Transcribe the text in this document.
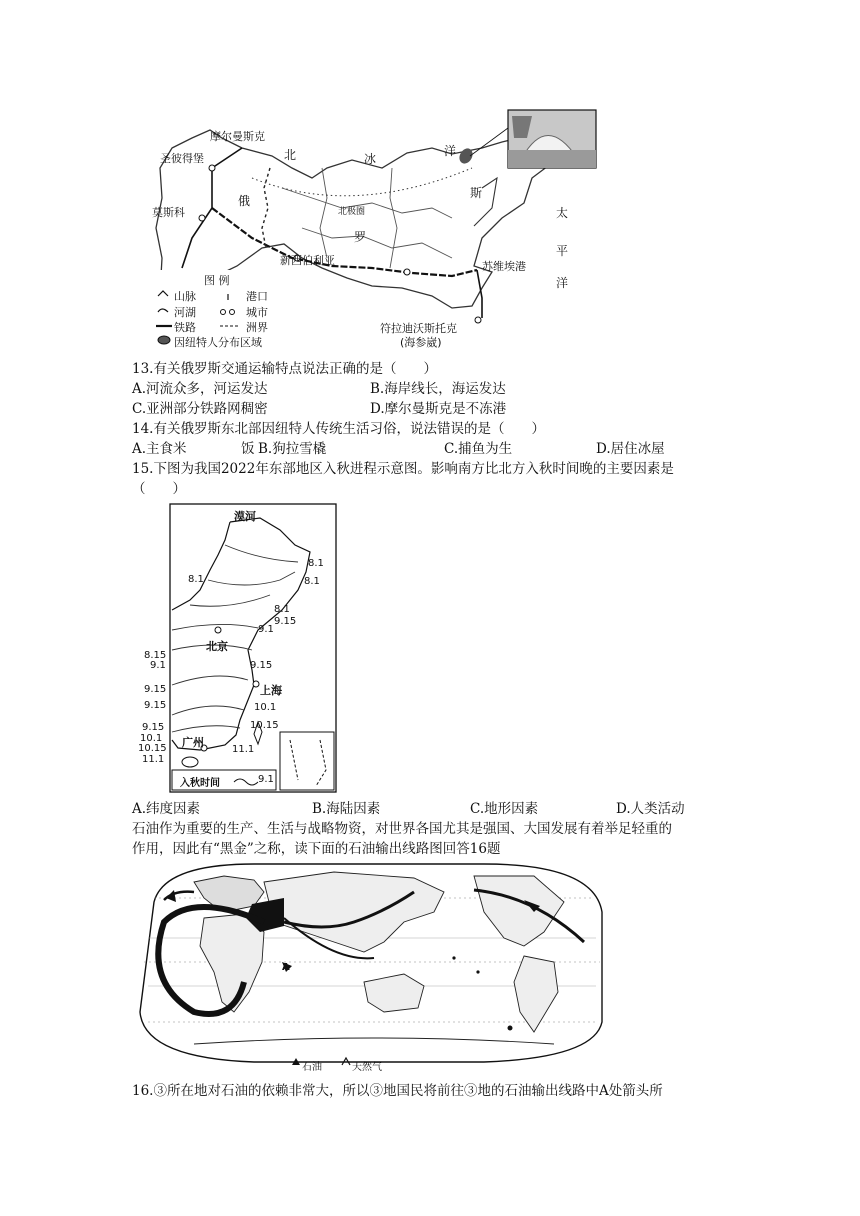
摩尔曼斯克
圣彼得堡
莫斯科
新西伯利亚	苏维埃港
符拉迪沃斯托克
(海参崴)
北极圈
北	冰
洋
俄
斯
罗
太
平
洋
图 例
山脉	港口
河湖	城市
铁路	洲界
因纽特人分布区域
13.有关俄罗斯交通运输特点说法正确的是（　　）
A.河流众多，河运发达	B.海岸线长，海运发达
C.亚洲部分铁路网稠密	D.摩尔曼斯克是不冻港
14.有关俄罗斯东北部因纽特人传统生活习俗，说法错误的是（　　）
A.主食米	饭 B.狗拉雪橇	C.捕鱼为生	D.居住冰屋
15.下图为我国2022年东部地区入秋进程示意图。影响南方比北方入秋时间晚的主要因素是
（　　）
漠河
北京
上海
广州
入秋时间	9.1
8.1
8.1
8.1
8.1
9.15
9.1
8.15
9.1	9.15
9.15
9.15	10.1
10.15
9.15
10.1
10.15
11.1
11.1
A.纬度因素	B.海陆因素	C.地形因素	D.人类活动
石油作为重要的生产、生活与战略物资，对世界各国尤其是强国、大国发展有着举足轻重的
作用，因此有“黑金”之称，读下面的石油输出线路图回答16题
A
石油	天然气
16.③所在地对石油的依赖非常大，所以③地国民将前往③地的石油输出线路中A处箭头所
